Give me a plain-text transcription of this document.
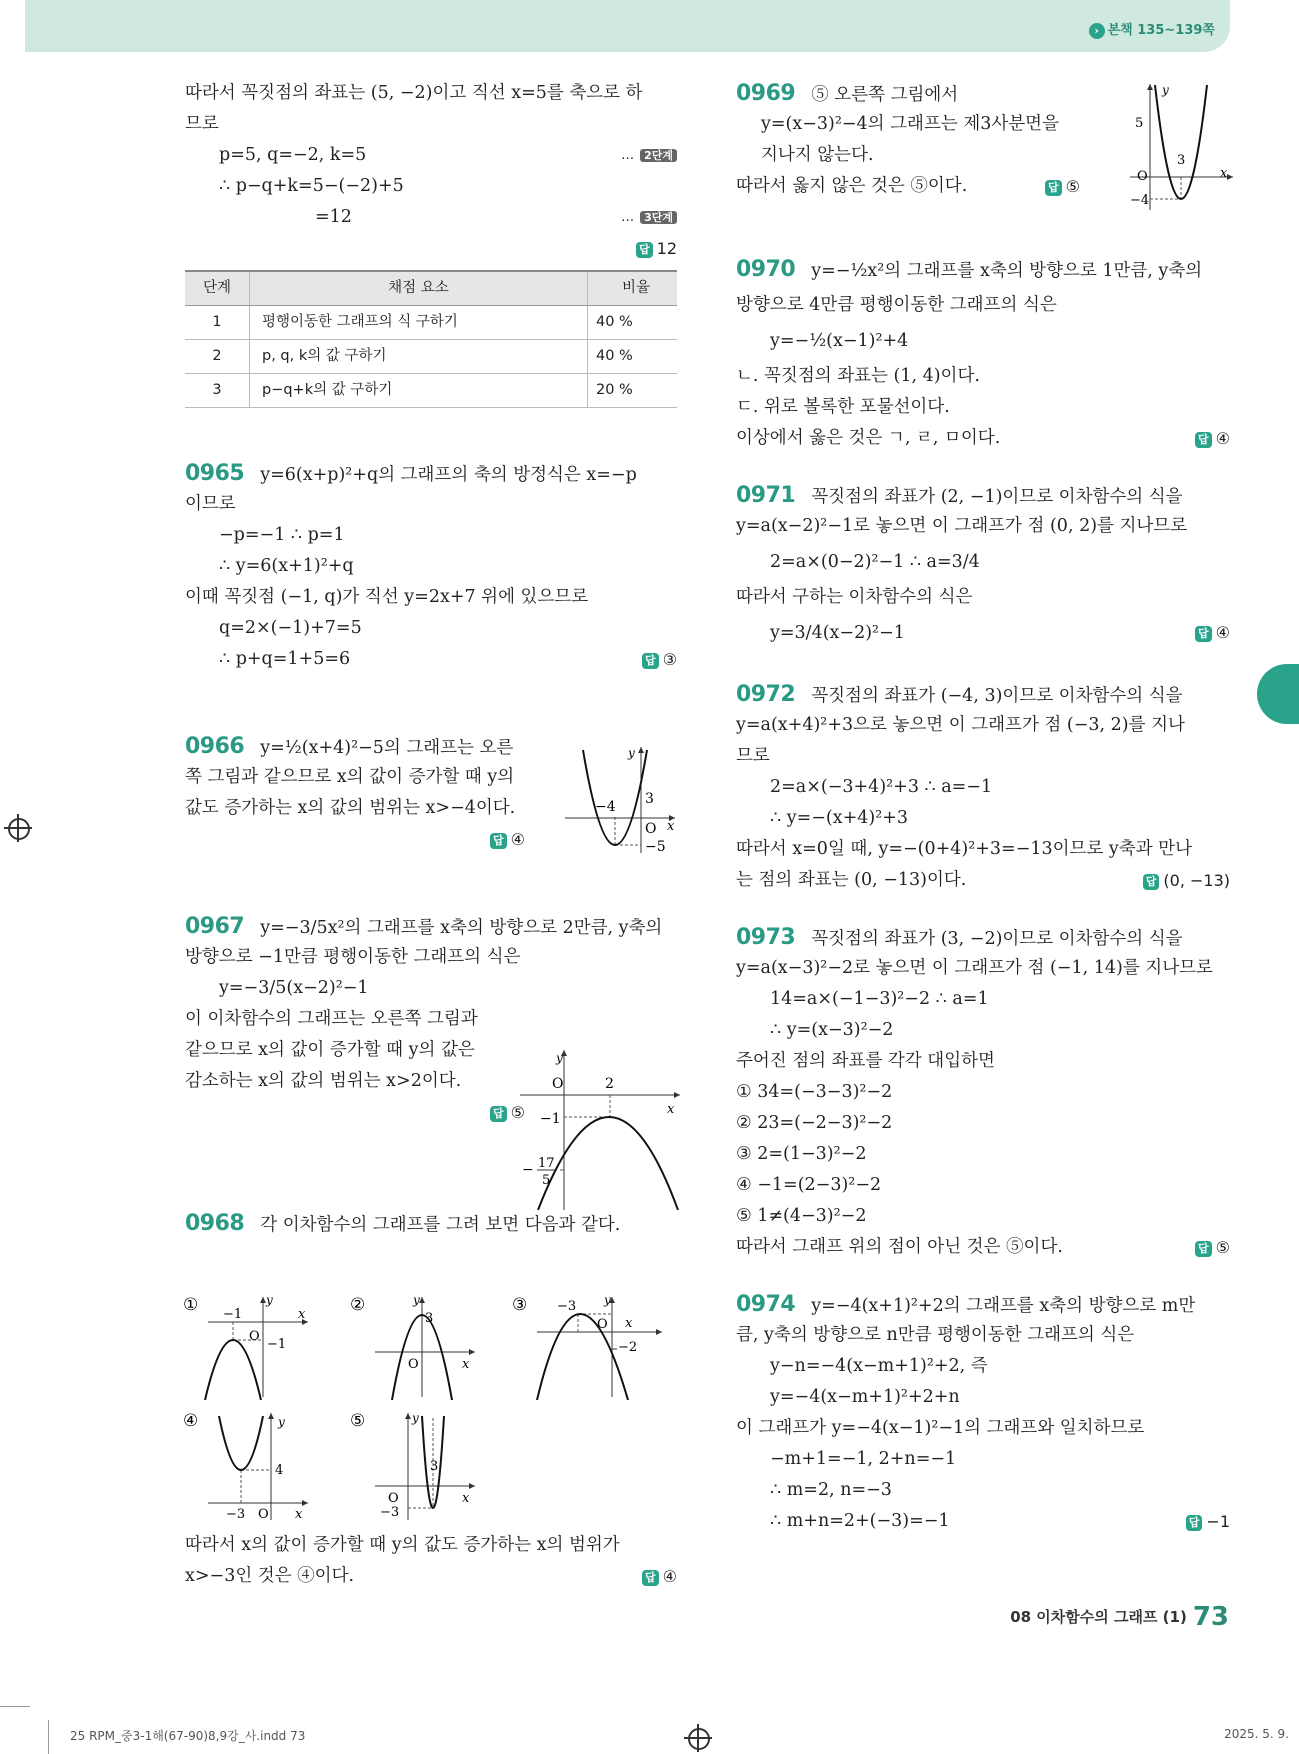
› 본책 135~139쪽
따라서 꼭짓점의 좌표는 (5, −2)이고 직선 x=5를 축으로 하
므로
p=5, q=−2, k=5	… 2단계
∴ p−q+k=5−(−2)+5
=12	… 3단계
답 12
단계	채점 요소	비율
1	평행이동한 그래프의 식 구하기	40 %
2	p, q, k의 값 구하기	40 %
3	p−q+k의 값 구하기	20 %
0965 y=6(x+p)²+q의 그래프의 축의 방정식은 x=−p
이므로
−p=−1 ∴ p=1
∴ y=6(x+1)²+q
이때 꼭짓점 (−1, q)가 직선 y=2x+7 위에 있으므로
q=2×(−1)+7=5
∴ p+q=1+5=6	답 ③
0966 y=½(x+4)²−5의 그래프는 오른
쪽 그림과 같으므로 x의 값이 증가할 때 y의
값도 증가하는 x의 값의 범위는 x>−4이다.
답 ④
0967 y=−3/5x²의 그래프를 x축의 방향으로 2만큼, y축의
방향으로 −1만큼 평행이동한 그래프의 식은
y=−3/5(x−2)²−1
이 이차함수의 그래프는 오른쪽 그림과
같으므로 x의 값이 증가할 때 y의 값은
감소하는 x의 값의 범위는 x>2이다.
답 ⑤
0968 각 이차함수의 그래프를 그려 보면 다음과 같다.
따라서 x의 값이 증가할 때 y의 값도 증가하는 x의 범위가
x>−3인 것은 ④이다.	답 ④
y
x
O
−4 3
−5
y
x
O	2
−1
− 17
5
①	y
x
O
−1
−1
②	y
x
O
3
③	y
x
O
−3
−2
④	y
x
O
4
−3
⑤	y
x
O
3
−3
0969 ⑤ 오른쪽 그림에서
y=(x−3)²−4의 그래프는 제3사분면을
지나지 않는다.
따라서 옳지 않은 것은 ⑤이다.	답 ⑤
0970 y=−½x²의 그래프를 x축의 방향으로 1만큼, y축의
방향으로 4만큼 평행이동한 그래프의 식은
y=−½(x−1)²+4
ㄴ. 꼭짓점의 좌표는 (1, 4)이다.
ㄷ. 위로 볼록한 포물선이다.
이상에서 옳은 것은 ㄱ, ㄹ, ㅁ이다.	답 ④
0971 꼭짓점의 좌표가 (2, −1)이므로 이차함수의 식을
y=a(x−2)²−1로 놓으면 이 그래프가 점 (0, 2)를 지나므로
2=a×(0−2)²−1 ∴ a=3/4
따라서 구하는 이차함수의 식은
y=3/4(x−2)²−1	답 ④
0972 꼭짓점의 좌표가 (−4, 3)이므로 이차함수의 식을
y=a(x+4)²+3으로 놓으면 이 그래프가 점 (−3, 2)를 지나
므로
2=a×(−3+4)²+3 ∴ a=−1
∴ y=−(x+4)²+3
따라서 x=0일 때, y=−(0+4)²+3=−13이므로 y축과 만나
는 점의 좌표는 (0, −13)이다.	답 (0, −13)
0973 꼭짓점의 좌표가 (3, −2)이므로 이차함수의 식을
y=a(x−3)²−2로 놓으면 이 그래프가 점 (−1, 14)를 지나므로
14=a×(−1−3)²−2 ∴ a=1
∴ y=(x−3)²−2
주어진 점의 좌표를 각각 대입하면
① 34=(−3−3)²−2
② 23=(−2−3)²−2
③ 2=(1−3)²−2
④ −1=(2−3)²−2
⑤ 1≠(4−3)²−2
따라서 그래프 위의 점이 아닌 것은 ⑤이다.	답 ⑤
0974 y=−4(x+1)²+2의 그래프를 x축의 방향으로 m만
큼, y축의 방향으로 n만큼 평행이동한 그래프의 식은
y−n=−4(x−m+1)²+2, 즉
y=−4(x−m+1)²+2+n
이 그래프가 y=−4(x−1)²−1의 그래프와 일치하므로
−m+1=−1, 2+n=−1
∴ m=2, n=−3
∴ m+n=2+(−3)=−1	답 −1
y
x
O
5
3
−4
08 이차함수의 그래프 (1) 73
25 RPM_중3-1해(67-90)8,9강_사.indd 73	2025. 5. 9.
